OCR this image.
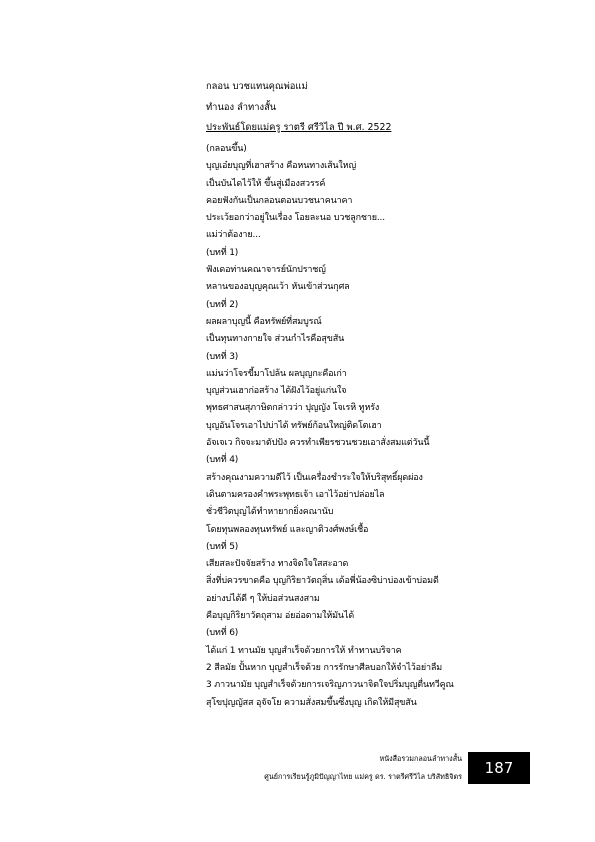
กลอน บวชแทนคุณพ่อแม่
ทำนอง ลำทางสั้น
ประพันธ์โดยแม่ครู ราตรี ศรีวิไล ปี พ.ศ. 2522
(กลอนขึ้น)
บุญเอ๋ยบุญที่เฮาสร้าง คือหนทางเส้นใหญ่
เป็นบันไดไว้ให้ ขึ้นสู่เมืองสวรรค์
คอยฟังกันเป็นกลอนตอนบวชนาคนาคา
ประเว้ยอกว่าอยู่ในเรื่อง โอยละนอ บวชลูกชาย...
แม่ว่าต้องาย...
(บทที่ 1)
ฟังเดอท่านคณาจารย์นักปราชญ์
หลานของอบุญคุณเว้า หันเข้าส่วนกุศล
(บทที่ 2)
ผลผลาบุญนี้ คือทรัพย์ที่สมบูรณ์
เป็นทุนทางกายใจ ส่วนกำไรคือสุขสัน
(บทที่ 3)
แม่นว่าโจรขี้มาโปล้น ผลบุญกะคือเก่า
บุญส่วนเฮาก่อสร้าง ได้ฝังไว้อยู่แก่นใจ
พุทธศาสนสุภาษิตกล่าวว่า ปุญญัง โจเรหิ ทูหรัง
บุญอันโจรเอาไปบ่าได้ ทรัพย์ก้อนใหญ่ติดโตเฮา
อัจเจเว กิจจะมาตัปปัง ควรทำเพียรชวนชวยเอาสั่งสมแต่วันนี้
(บทที่ 4)
สร้างคุณงามความดีไว้ เป็นเครื่องชำระใจให้บริสุทธิ์ผุดผ่อง
เดินตามครองคำพระพุทธเจ้า เอาไว้อย่าปล่อยไล
ชั่วชีวิตบุญได้ทำหายากยิ่งคณานับ
โดยทุนพลองทุนทรัพย์ และญาติวงศ์พงษ์เชื้อ
(บทที่ 5)
เสียสละปัจจัยสร้าง ทางจิตใจใสสะอาด
สิ่งที่บ่ควรขาดคือ บุญกิริยาวัตถุสิ่น เด้อพี่น้องซิบ่าบ่องเข้าบ่อมดี
อย่างบ่ได้ดี ๆ ให้บ่อส่วนสงสาม
คือบุญกิริยาวัตถุสาม อ่ยอ่อดามให้มันได้
(บทที่ 6)
ได้แก่ 1 ทานมัย บุญสำเร็จด้วยการให้ ทำทานบริจาค
2 สีลมัย ปั้นหาก บุญสำเร็จด้วย การรักษาศีลบอกให้จำไว้อย่าลืม
3 ภาวนามัย บุญสำเร็จด้วยการเจริญภาวนาจิตใจปริ่มบุญตื่นทวีคูณ
สุโขปุญญัสส อุจัจโย ความสั่งสมขึ้นซึ่งบุญ เกิดให้มีสุขสัน
หนังสือรวมกลอนลำทางสั้น
ศูนย์การเรียนรู้ภูมิปัญญาไทย แม่ครู ดร. ราตรีศรีวิไล บริสัทธิจิตร	187
